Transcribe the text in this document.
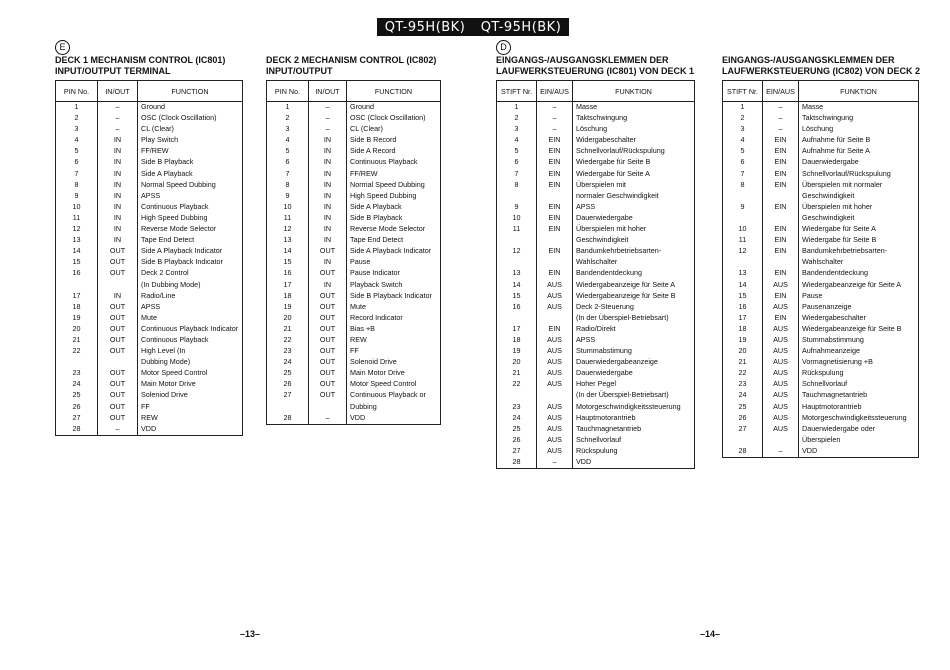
QT-95H(BK) QT-95H(BK)
E	D
DECK 1 MECHANISM CONTROL (IC801)
INPUT/OUTPUT TERMINAL
DECK 2 MECHANISM CONTROL (IC802)
INPUT/OUTPUT
EINGANGS-/AUSGANGSKLEMMEN DER
LAUFWERKSTEUERUNG (IC801) VON DECK 1
EINGANGS-/AUSGANGSKLEMMEN DER
LAUFWERKSTEUERUNG (IC802) VON DECK 2
PIN No.	IN/OUT	FUNCTION
1	–	Ground
2	–	OSC (Clock Oscillation)
3	–	CL (Clear)
4	IN	Play Switch
5	IN	FF/REW
6	IN	Side B Playback
7	IN	Side A Playback
8	IN	Normal Speed Dubbing
9	IN	APSS
10	IN	Continuous Playback
11	IN	High Speed Dubbing
12	IN	Reverse Mode Selector
13	IN	Tape End Detect
14	OUT	Side A Playback Indicator
15	OUT	Side B Playback Indicator
16	OUT	Deck 2 Control
		(In Dubbing Mode)
17	IN	Radio/Line
18	OUT	APSS
19	OUT	Mute
20	OUT	Continuous Playback Indicator
21	OUT	Continuous Playback
22	OUT	High Level (In
		Dubbing Mode)
23	OUT	Motor Speed Control
24	OUT	Main Motor Drive
25	OUT	Soleniod Drive
26	OUT	FF
27	OUT	REW
28	–	VDD
PIN No.	IN/OUT	FUNCTION
1	–	Ground
2	–	OSC (Clock Oscillation)
3	–	CL (Clear)
4	IN	Side B Record
5	IN	Side A Record
6	IN	Continuous Playback
7	IN	FF/REW
8	IN	Normal Speed Dubbing
9	IN	High Speed Dubbing
10	IN	Side A Playback
11	IN	Side B Playback
12	IN	Reverse Mode Selector
13	IN	Tape End Detect
14	OUT	Side A Playback Indicator
15	IN	Pause
16	OUT	Pause Indicator
17	IN	Playback Switch
18	OUT	Side B Playback Indicator
19	OUT	Mute
20	OUT	Record Indicator
21	OUT	Bias +B
22	OUT	REW
23	OUT	FF
24	OUT	Solenoid Drive
25	OUT	Main Motor Drive
26	OUT	Motor Speed Control
27	OUT	Continuous Playback or
		Dubbing
28	–	VDD
STIFT Nr.	EIN/AUS	FUNKTION
1	–	Masse
2	–	Taktschwingung
3	–	Löschung
4	EIN	Widergabeschalter
5	EIN	Schnellvorlauf/Rückspulung
6	EIN	Wiedergabe für Seite B
7	EIN	Wiedergabe für Seite A
8	EIN	Überspielen mit
		normaler Geschwindigkeit
9	EIN	APSS
10	EIN	Dauerwiedergabe
11	EIN	Überspielen mit hoher
		Geschwindigkeit
12	EIN	Bandumkehrbetriebsarten-
		Wahlschalter
13	EIN	Bandendentdeckung
14	AUS	Wiedergabeanzeige für Seite A
15	AUS	Wiedergabeanzeige für Seite B
16	AUS	Deck 2-Steuerung
		(In der Überspiel-Betriebsart)
17	EIN	Radio/Direkt
18	AUS	APSS
19	AUS	Stummabstimung
20	AUS	Dauerwiedergabeanzeige
21	AUS	Dauerwiedergabe
22	AUS	Hoher Pegel
		(In der Überspiel-Betriebsart)
23	AUS	Motorgeschwindigkeitssteuerung
24	AUS	Hauptmotorantrieb
25	AUS	Tauchmagnetantrieb
26	AUS	Schnellvorlauf
27	AUS	Rückspulung
28	–	VDD
STIFT Nr.	EIN/AUS	FUNKTION
1	–	Masse
2	–	Taktschwingung
3	–	Löschung
4	EIN	Aufnahme für Seite B
5	EIN	Aufnahme für Seite A
6	EIN	Dauerwiedergabe
7	EIN	Schnellvorlauf/Rückspulung
8	EIN	Überspielen mit normaler
		Geschwindigkeit
9	EIN	Überspielen mit hoher
		Geschwindigkeit
10	EIN	Wiedergabe für Seite A
11	EIN	Wiedergabe für Seite B
12	EIN	Bandumkehrbetriebsarten-
		Wahlschalter
13	EIN	Bandendentdeckung
14	AUS	Wiedergabeanzeige für Seite A
15	EIN	Pause
16	AUS	Pausenanzeige
17	EIN	Wiedergabeschalter
18	AUS	Wiedergabeanzeige für Seite B
19	AUS	Stummabstimmung
20	AUS	Aufnahmeanzeige
21	AUS	Vormagnetisierung +B
22	AUS	Rückspulung
23	AUS	Schnellvorlauf
24	AUS	Tauchmagnetantrieb
25	AUS	Hauptmotorantrieb
26	AUS	Motorgeschwindigkeitssteuerung
27	AUS	Dauerwiedergabe oder
		Überspielen
28	–	VDD
–13–	–14–
